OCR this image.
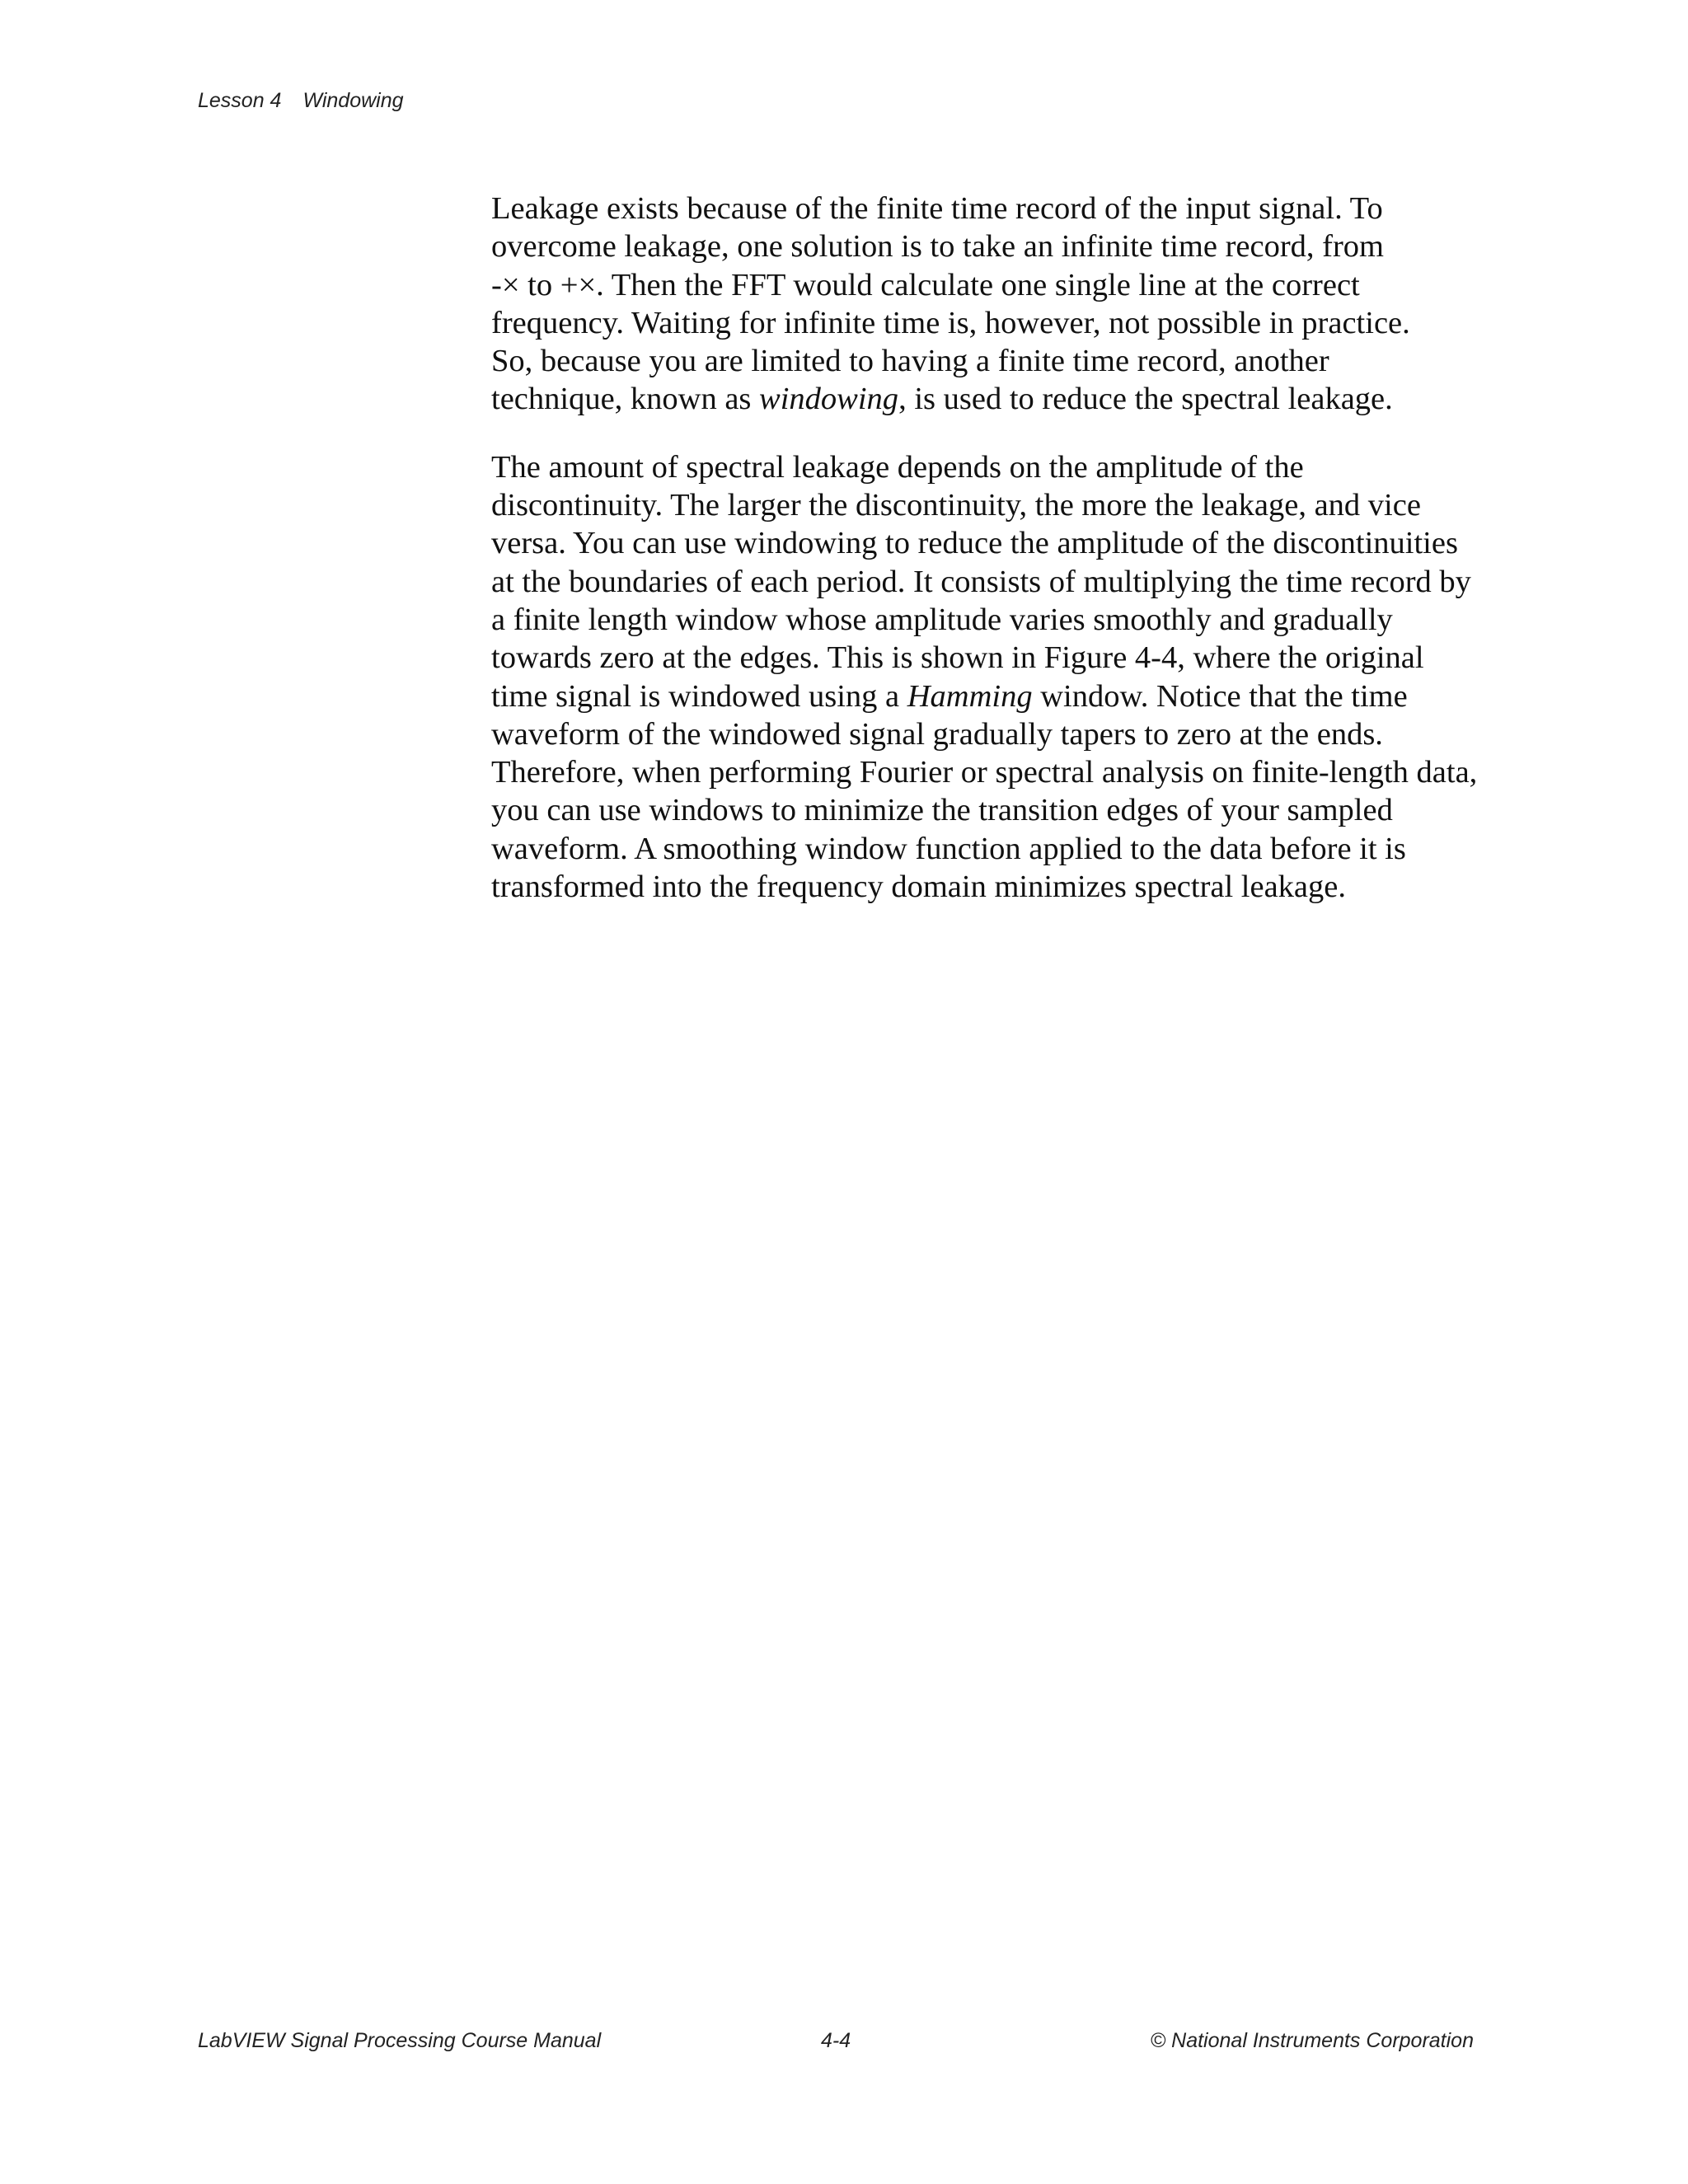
Lesson 4 Windowing

Leakage exists because of the finite time record of the input signal. To
overcome leakage, one solution is to take an infinite time record, from
-× to +×. Then the FFT would calculate one single line at the correct
frequency. Waiting for infinite time is, however, not possible in practice.
So, because you are limited to having a finite time record, another
technique, known as windowing, is used to reduce the spectral leakage.

The amount of spectral leakage depends on the amplitude of the discontinuity. The larger the discontinuity, the more the leakage, and vice versa. You can use windowing to reduce the amplitude of the discontinuities at the boundaries of each period. It consists of multiplying the time record by a finite length window whose amplitude varies smoothly and gradually towards zero at the edges. This is shown in Figure 4-4, where the original time signal is windowed using a Hamming window. Notice that the time waveform of the windowed signal gradually tapers to zero at the ends. Therefore, when performing Fourier or spectral analysis on finite-length data, you can use windows to minimize the transition edges of your sampled waveform. A smoothing window function applied to the data before it is transformed into the frequency domain minimizes spectral leakage.

LabVIEW Signal Processing Course Manual	4-4	© National Instruments Corporation
